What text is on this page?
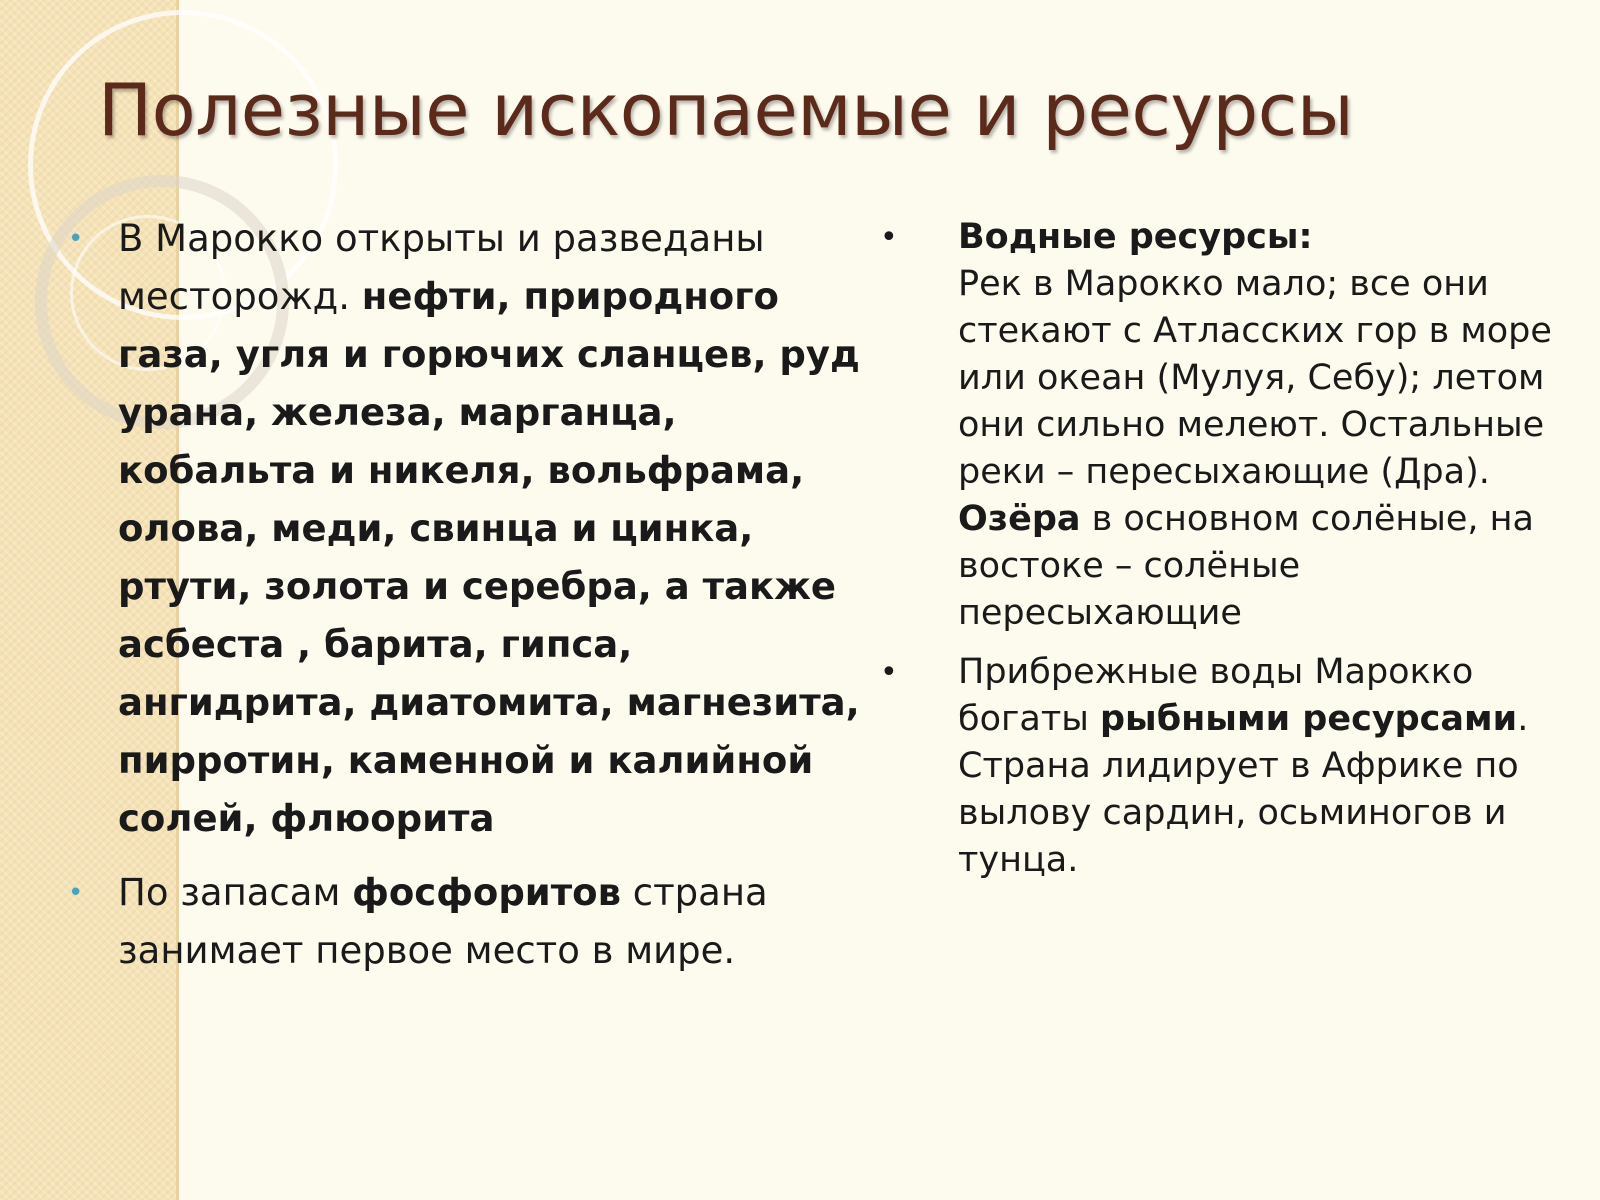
Полезные ископаемые и ресурсы
• В Марокко открыты и разведаны месторожд. нефти, природного газа, угля и горючих сланцев, руд урана, железа, марганца, кобальта и никеля, вольфрама, олова, меди, свинца и цинка, ртути, золота и серебра, а также асбеста , барита, гипса, ангидрита, диатомита, магнезита, пирротин, каменной и калийной солей, флюорита
• По запасам фосфоритов страна занимает первое место в мире.
• Водные ресурсы:
Рек в Марокко мало; все они стекают с Атласских гор в море или океан (Мулуя, Себу); летом они сильно мелеют. Остальные реки – пересыхающие (Дра).
Озёра в основном солёные, на востоке – солёные пересыхающие
• Прибрежные воды Марокко богаты рыбными ресурсами. Страна лидирует в Африке по вылову сардин, осьминогов и тунца.
